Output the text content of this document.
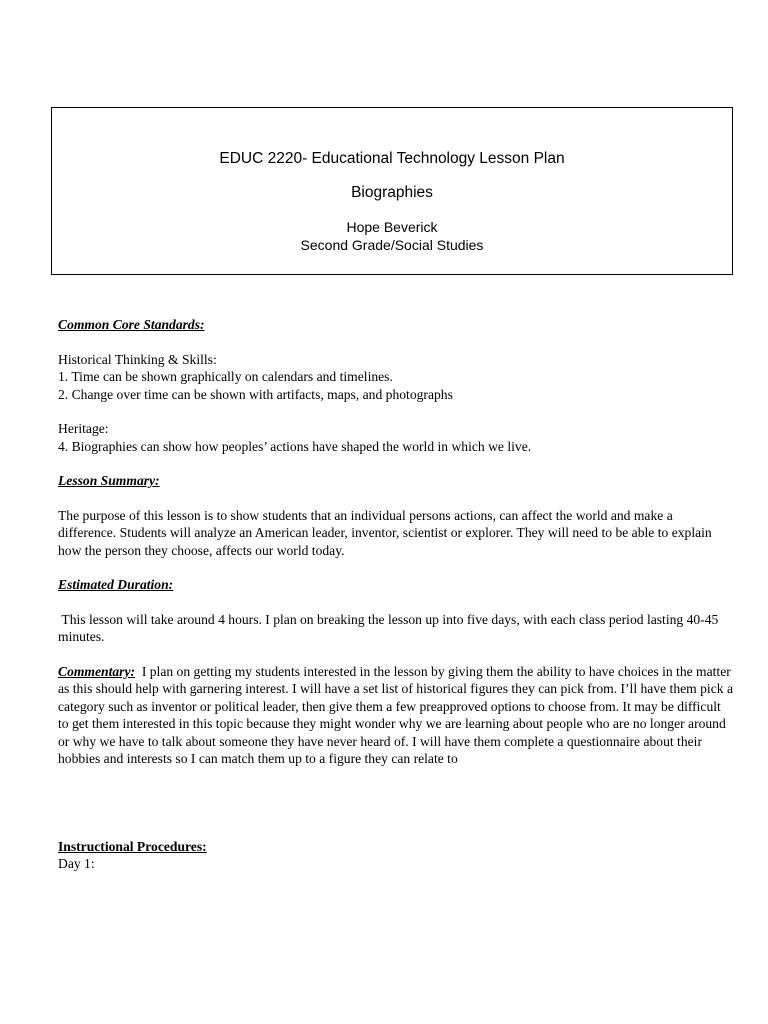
EDUC 2220- Educational Technology Lesson Plan
Biographies
Hope Beverick
Second Grade/Social Studies

Common Core Standards:

Historical Thinking & Skills:

1. Time can be shown graphically on calendars and timelines.

2. Change over time can be shown with artifacts, maps, and photographs

Heritage:

4. Biographies can show how peoples’ actions have shaped the world in which we live.

Lesson Summary:

The purpose of this lesson is to show students that an individual persons actions, can affect the world and make a difference. Students will analyze an American leader, inventor, scientist or explorer. They will need to be able to explain how the person they choose, affects our world today.

Estimated Duration:

This lesson will take around 4 hours. I plan on breaking the lesson up into five days, with each class period lasting 40-45 minutes.

Commentary:  I plan on getting my students interested in the lesson by giving them the ability to have choices in the matter as this should help with garnering interest. I will have a set list of historical figures they can pick from. I’ll have them pick a category such as inventor or political leader, then give them a few preapproved options to choose from. It may be difficult to get them interested in this topic because they might wonder why we are learning about people who are no longer around or why we have to talk about someone they have never heard of. I will have them complete a questionnaire about their hobbies and interests so I can match them up to a figure they can relate to

Instructional Procedures:

Day 1:
